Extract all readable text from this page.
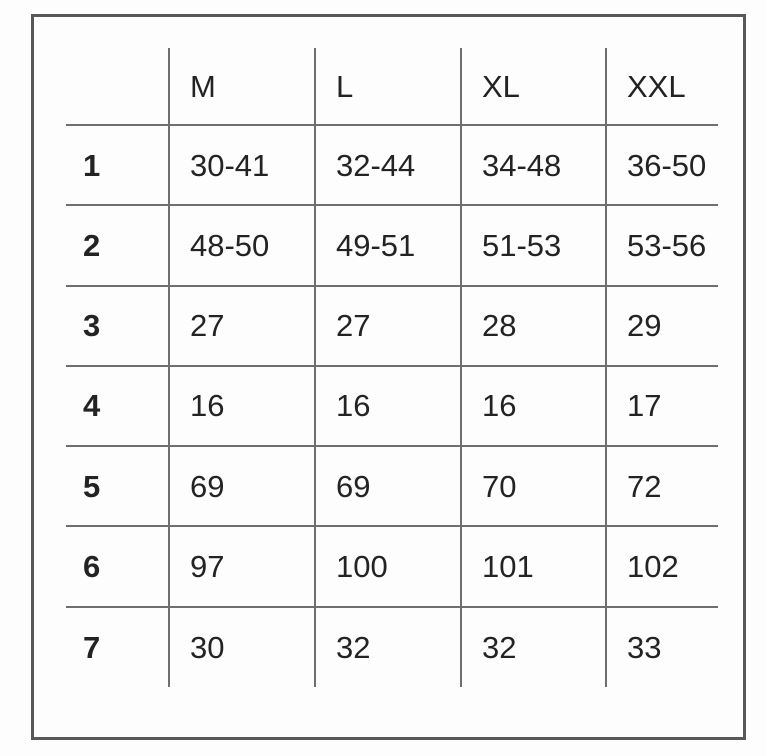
	M	L	XL	XXL
1	30-41	32-44	34-48	36-50
2	48-50	49-51	51-53	53-56
3	27	27	28	29
4	16	16	16	17
5	69	69	70	72
6	97	100	101	102
7	30	32	32	33
